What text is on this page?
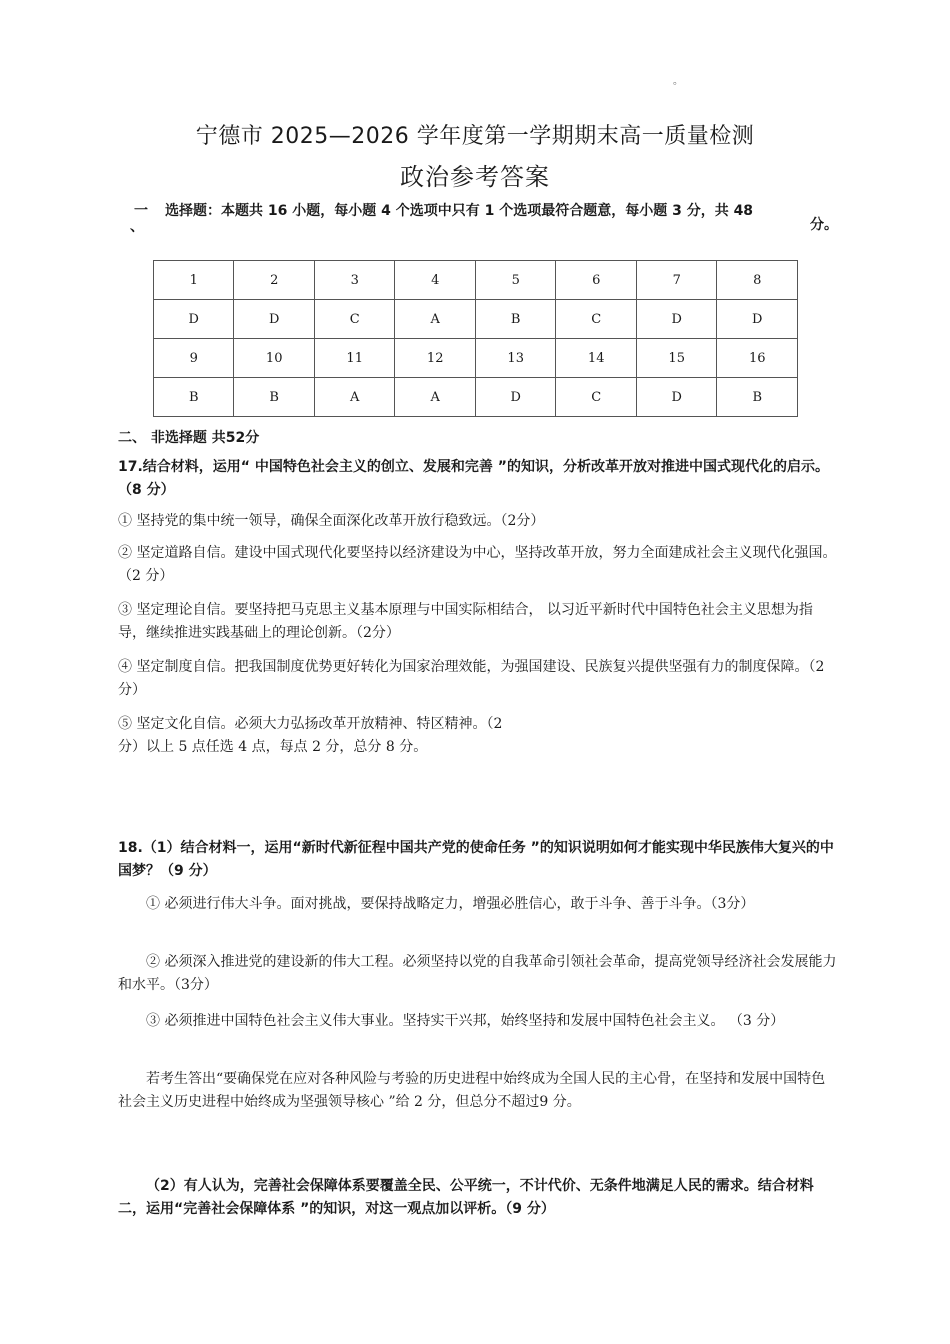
。
宁德市 2025—2026 学年度第一学期期末高一质量检测
政治参考答案
一
、
选择题：本题共 16 小题，每小题 4 个选项中只有 1 个选项最符合题意，每小题 3 分，共 48
分。
1	2	3	4	5	6	7	8
D	D	C	A	B	C	D	D
9	10	11	12	13	14	15	16
B	B	A	A	D	C	D	B
二、 非选择题 共52分
17.结合材料，运用“ 中国特色社会主义的创立、发展和完善 ”的知识，分析改革开放对推进中国式现代化的启示。（8 分）
① 坚持党的集中统一领导，确保全面深化改革开放行稳致远。（2分）
② 坚定道路自信。建设中国式现代化要坚持以经济建设为中心，坚持改革开放，努力全面建成社会主义现代化强国。（2 分）
③ 坚定理论自信。要坚持把马克思主义基本原理与中国实际相结合， 以习近平新时代中国特色社会主义思想为指导，继续推进实践基础上的理论创新。（2分）
④ 坚定制度自信。把我国制度优势更好转化为国家治理效能，为强国建设、民族复兴提供坚强有力的制度保障。（2 分）
⑤ 坚定文化自信。必须大力弘扬改革开放精神、特区精神。（2
分）以上 5 点任选 4 点，每点 2 分，总分 8 分。
18.（1）结合材料一，运用“新时代新征程中国共产党的使命任务 ”的知识说明如何才能实现中华民族伟大复兴的中国梦？（9 分）
① 必须进行伟大斗争。面对挑战，要保持战略定力，增强必胜信心，敢于斗争、善于斗争。（3分）
② 必须深入推进党的建设新的伟大工程。必须坚持以党的自我革命引领社会革命，提高党领导经济社会发展能力和水平。（3分）
③ 必须推进中国特色社会主义伟大事业。坚持实干兴邦，始终坚持和发展中国特色社会主义。 （3 分）
若考生答出“要确保党在应对各种风险与考验的历史进程中始终成为全国人民的主心骨，在坚持和发展中国特色社会主义历史进程中始终成为坚强领导核心 ”给 2 分，但总分不超过9 分。
（2）有人认为，完善社会保障体系要覆盖全民、公平统一，不计代价、无条件地满足人民的需求。结合材料二，运用“完善社会保障体系 ”的知识，对这一观点加以评析。（9 分）
